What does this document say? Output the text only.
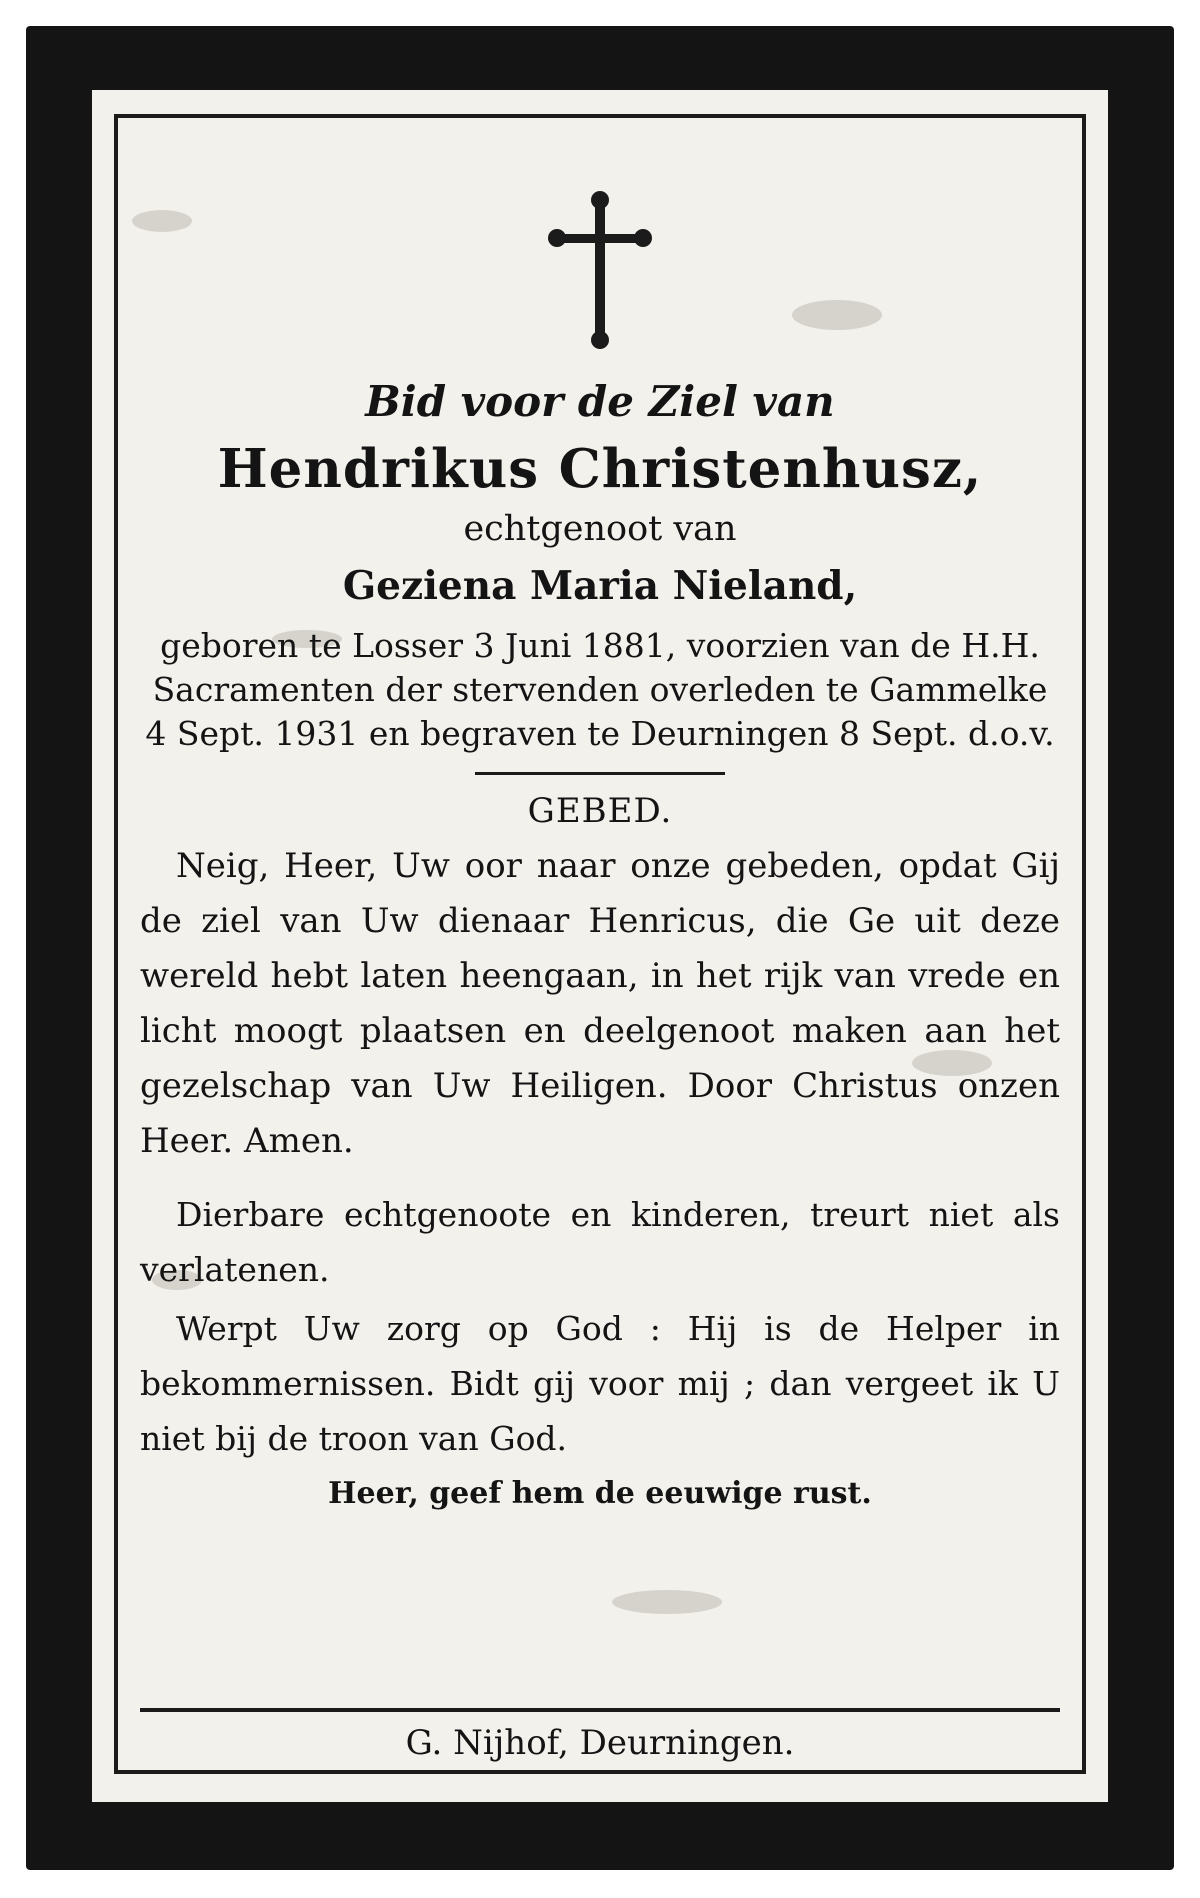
Bid voor de Ziel van
Hendrikus Christenhusz,
echtgenoot van
Geziena Maria Nieland,
geboren te Losser 3 Juni 1881, voorzien van de H.H. Sacramenten der stervenden overleden te Gammelke 4 Sept. 1931 en begraven te Deurningen 8 Sept. d.o.v.
GEBED.
Neig, Heer, Uw oor naar onze gebeden, opdat Gij de ziel van Uw dienaar Henricus, die Ge uit deze wereld hebt laten heengaan, in het rijk van vrede en licht moogt plaatsen en deelgenoot maken aan het gezelschap van Uw Heiligen. Door Christus onzen Heer. Amen.
Dierbare echtgenoote en kinderen, treurt niet als verlatenen.
Werpt Uw zorg op God : Hij is de Helper in bekommernissen. Bidt gij voor mij ; dan vergeet ik U niet bij de troon van God.
Heer, geef hem de eeuwige rust.
G. Nijhof, Deurningen.
